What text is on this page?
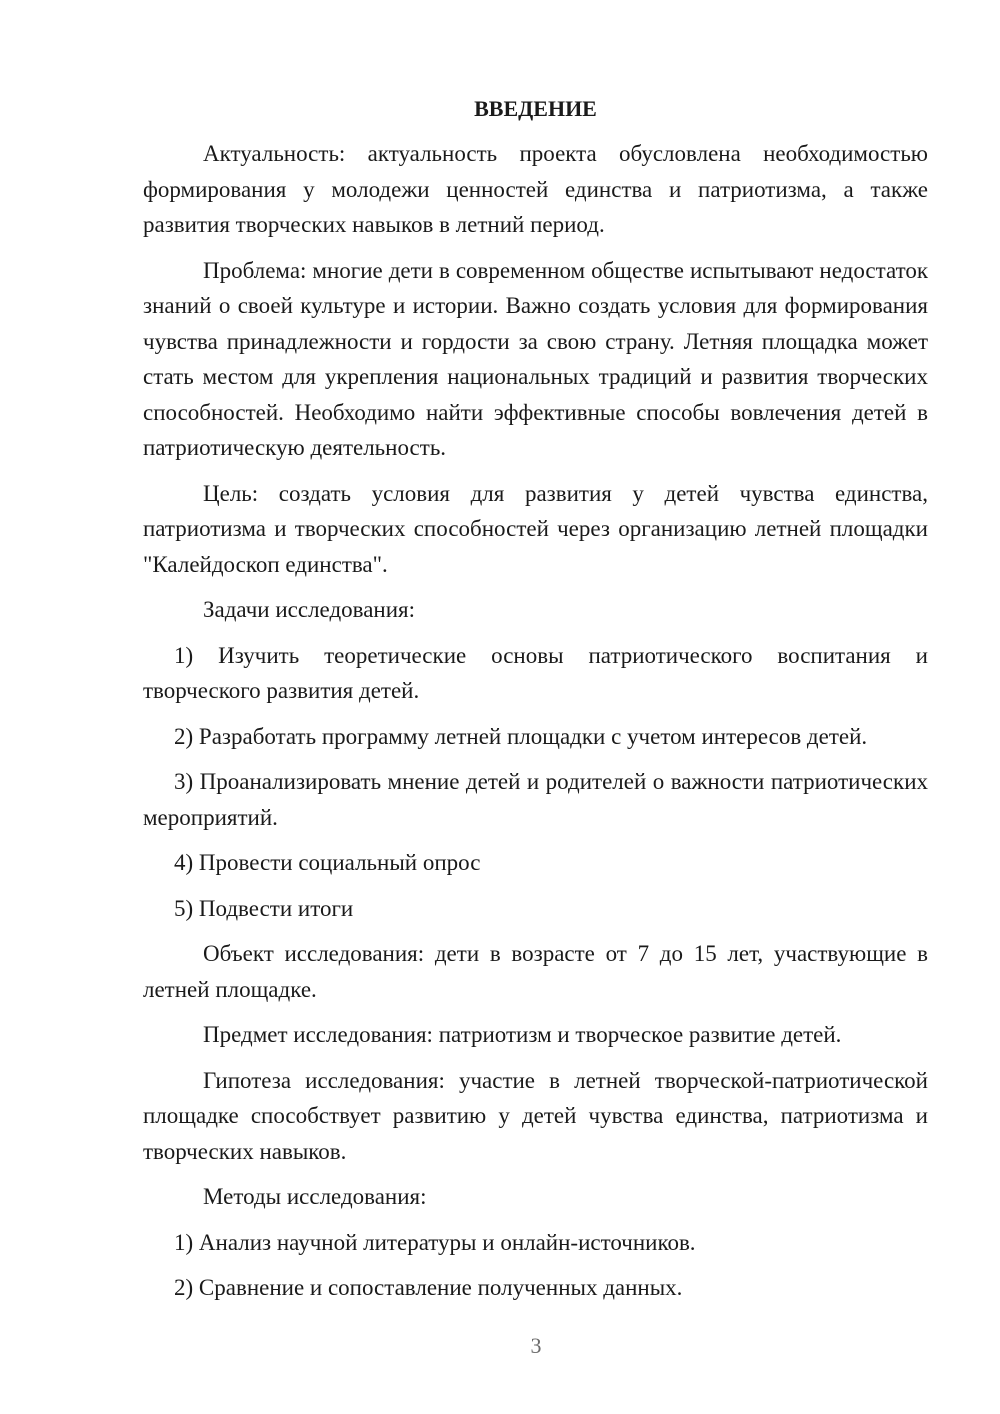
ВВЕДЕНИЕ

Актуальность: актуальность проекта обусловлена необходимостью формирования у молодежи ценностей единства и патриотизма, а также развития творческих навыков в летний период.

Проблема: многие дети в современном обществе испытывают недостаток знаний о своей культуре и истории. Важно создать условия для формирования чувства принадлежности и гордости за свою страну. Летняя площадка может стать местом для укрепления национальных традиций и развития творческих способностей. Необходимо найти эффективные способы вовлечения детей в патриотическую деятельность.

Цель: создать условия для развития у детей чувства единства, патриотизма и творческих способностей через организацию летней площадки "Калейдоскоп единства".

Задачи исследования:

1) Изучить теоретические основы патриотического воспитания и творческого развития детей.

2) Разработать программу летней площадки с учетом интересов детей.

3) Проанализировать мнение детей и родителей о важности патриотических мероприятий.

4) Провести социальный опрос

5) Подвести итоги

Объект исследования: дети в возрасте от 7 до 15 лет, участвующие в летней площадке.

Предмет исследования: патриотизм и творческое развитие детей.

Гипотеза исследования: участие в летней творческой-патриотической площадке способствует развитию у детей чувства единства, патриотизма и творческих навыков.

Методы исследования:

1) Анализ научной литературы и онлайн-источников.

2) Сравнение и сопоставление полученных данных.

3
